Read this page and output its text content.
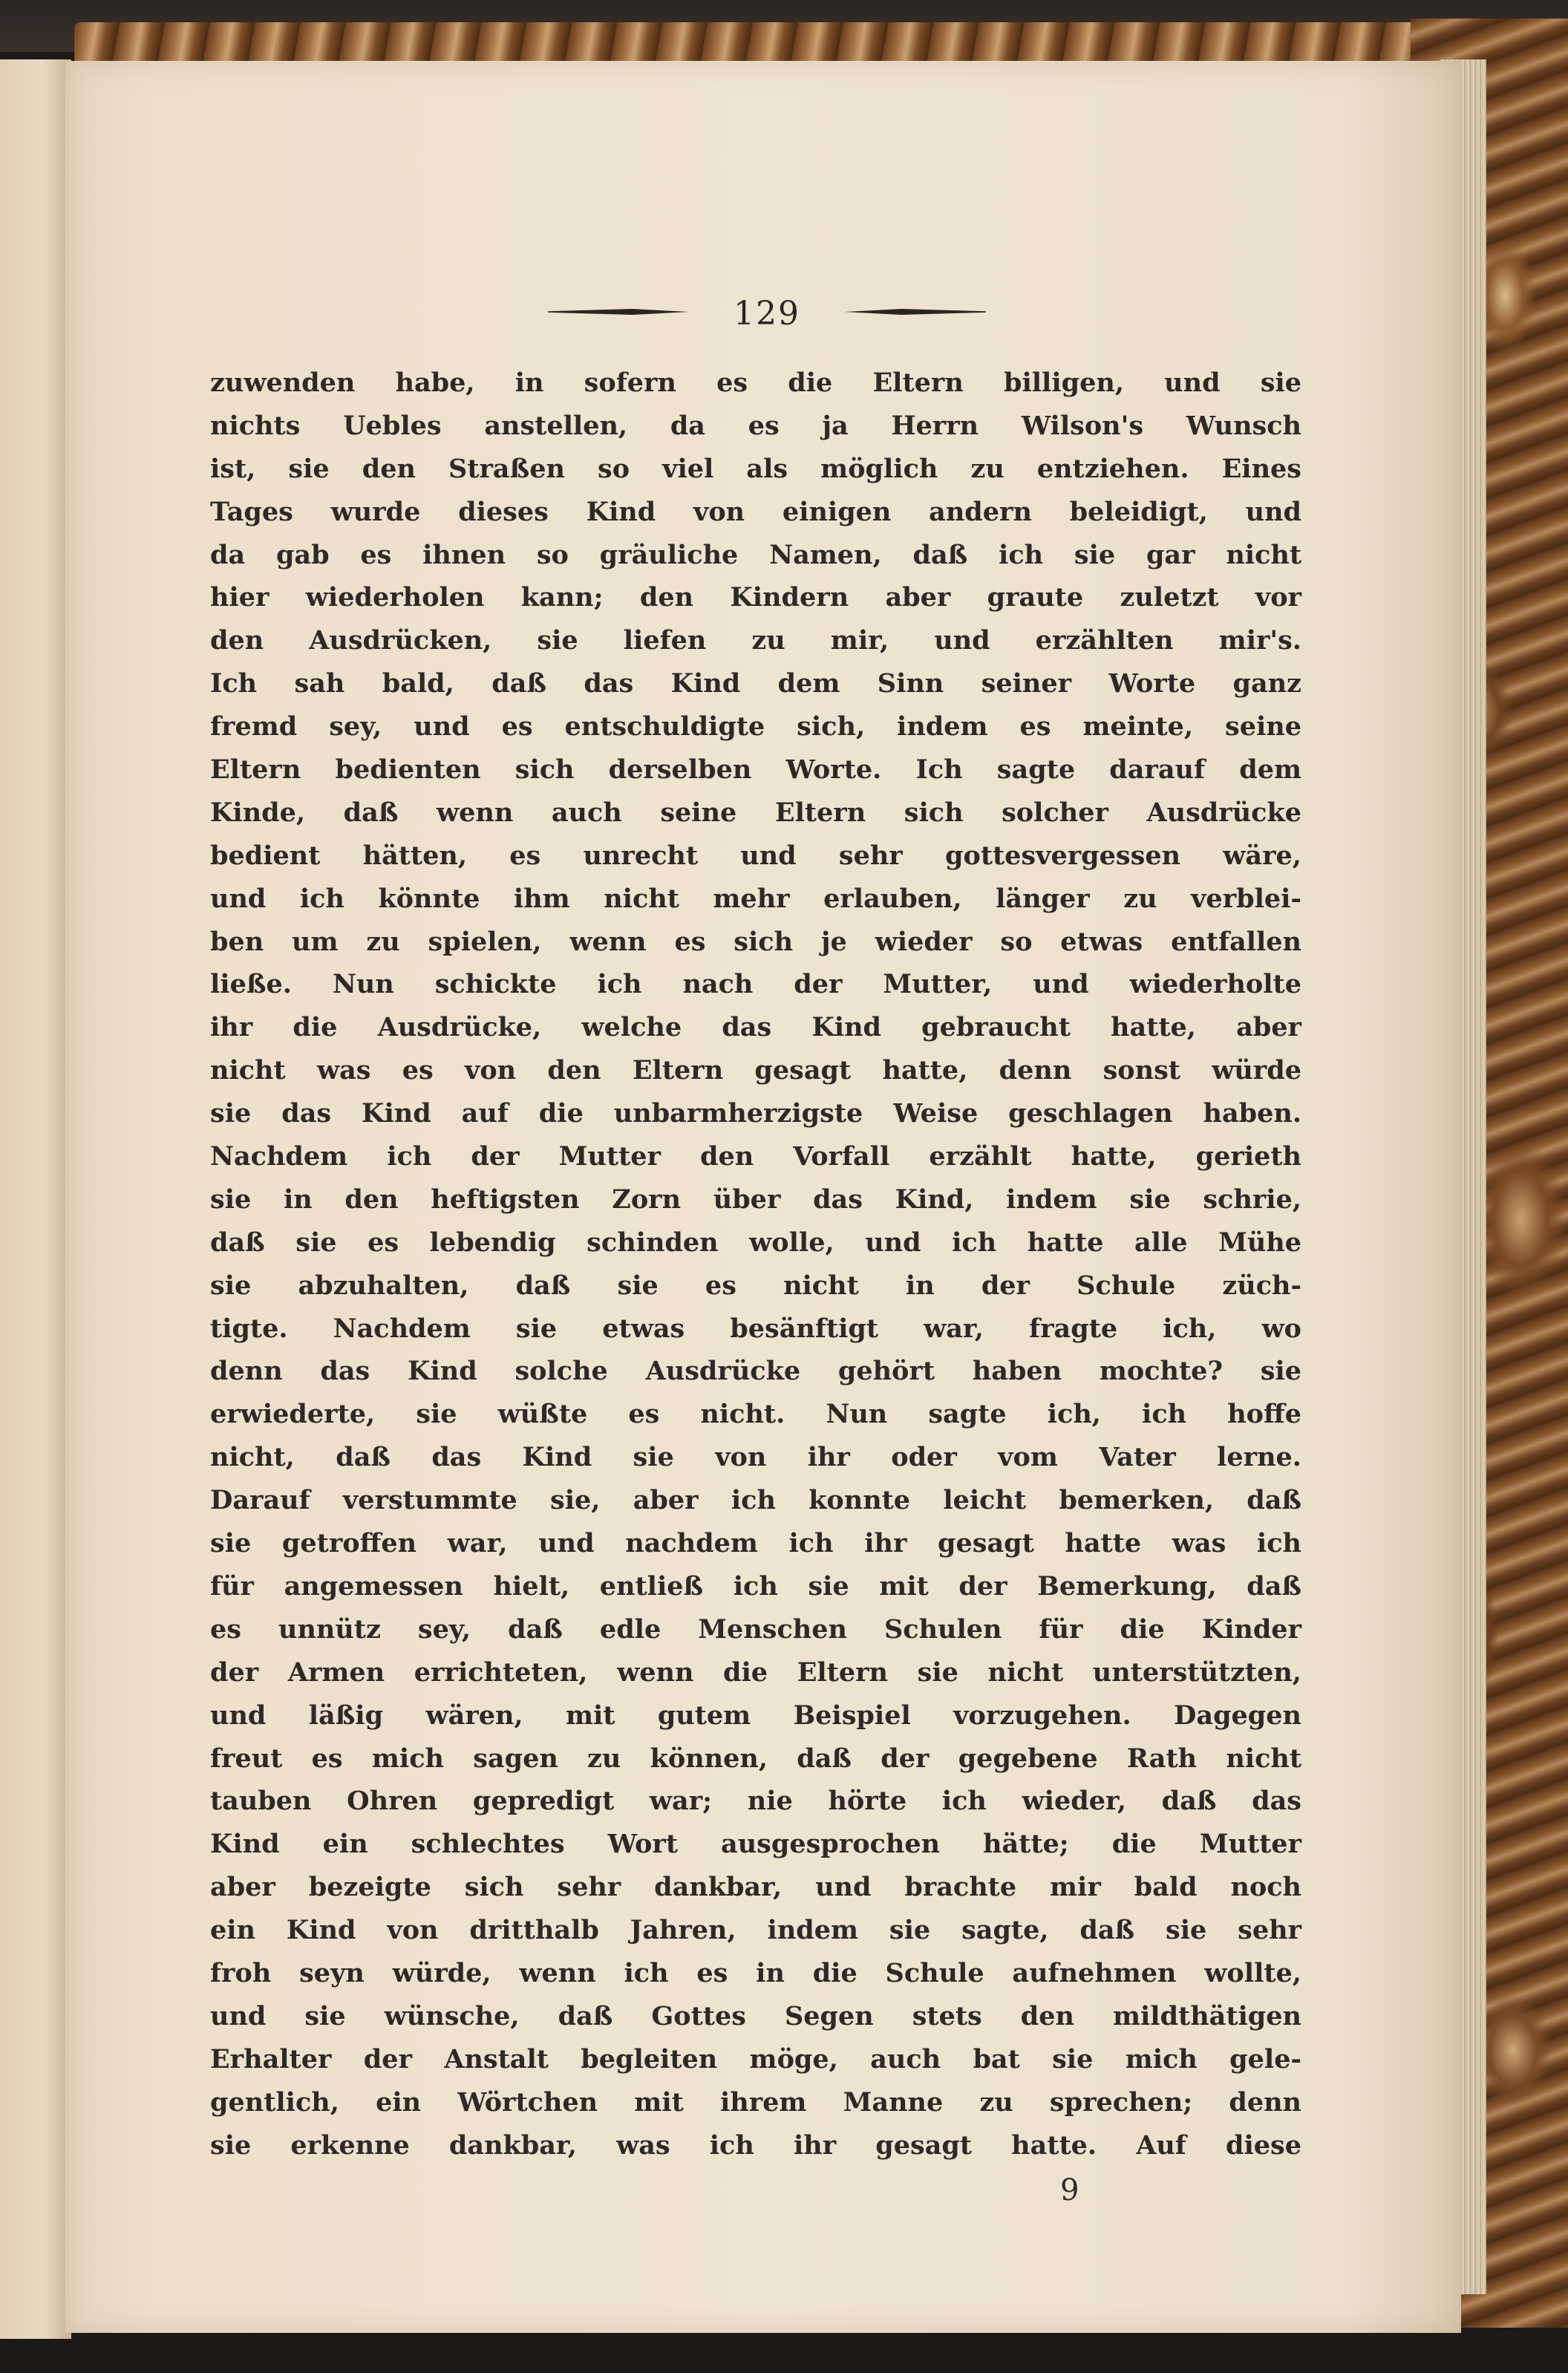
129
zuwenden habe, in sofern es die Eltern billigen, und sie
nichts Uebles anstellen, da es ja Herrn Wilson's Wunsch
ist, sie den Straßen so viel als möglich zu entziehen. Eines
Tages wurde dieses Kind von einigen andern beleidigt, und
da gab es ihnen so gräuliche Namen, daß ich sie gar nicht
hier wiederholen kann; den Kindern aber graute zuletzt vor
den Ausdrücken, sie liefen zu mir, und erzählten mir's.
Ich sah bald, daß das Kind dem Sinn seiner Worte ganz
fremd sey, und es entschuldigte sich, indem es meinte, seine
Eltern bedienten sich derselben Worte. Ich sagte darauf dem
Kinde, daß wenn auch seine Eltern sich solcher Ausdrücke
bedient hätten, es unrecht und sehr gottesvergessen wäre,
und ich könnte ihm nicht mehr erlauben, länger zu verblei-
ben um zu spielen, wenn es sich je wieder so etwas entfallen
ließe. Nun schickte ich nach der Mutter, und wiederholte
ihr die Ausdrücke, welche das Kind gebraucht hatte, aber
nicht was es von den Eltern gesagt hatte, denn sonst würde
sie das Kind auf die unbarmherzigste Weise geschlagen haben.
Nachdem ich der Mutter den Vorfall erzählt hatte, gerieth
sie in den heftigsten Zorn über das Kind, indem sie schrie,
daß sie es lebendig schinden wolle, und ich hatte alle Mühe
sie abzuhalten, daß sie es nicht in der Schule züch-
tigte. Nachdem sie etwas besänftigt war, fragte ich, wo
denn das Kind solche Ausdrücke gehört haben mochte? sie
erwiederte, sie wüßte es nicht. Nun sagte ich, ich hoffe
nicht, daß das Kind sie von ihr oder vom Vater lerne.
Darauf verstummte sie, aber ich konnte leicht bemerken, daß
sie getroffen war, und nachdem ich ihr gesagt hatte was ich
für angemessen hielt, entließ ich sie mit der Bemerkung, daß
es unnütz sey, daß edle Menschen Schulen für die Kinder
der Armen errichteten, wenn die Eltern sie nicht unterstützten,
und läßig wären, mit gutem Beispiel vorzugehen. Dagegen
freut es mich sagen zu können, daß der gegebene Rath nicht
tauben Ohren gepredigt war; nie hörte ich wieder, daß das
Kind ein schlechtes Wort ausgesprochen hätte; die Mutter
aber bezeigte sich sehr dankbar, und brachte mir bald noch
ein Kind von dritthalb Jahren, indem sie sagte, daß sie sehr
froh seyn würde, wenn ich es in die Schule aufnehmen wollte,
und sie wünsche, daß Gottes Segen stets den mildthätigen
Erhalter der Anstalt begleiten möge, auch bat sie mich gele-
gentlich, ein Wörtchen mit ihrem Manne zu sprechen; denn
sie erkenne dankbar, was ich ihr gesagt hatte. Auf diese
9
